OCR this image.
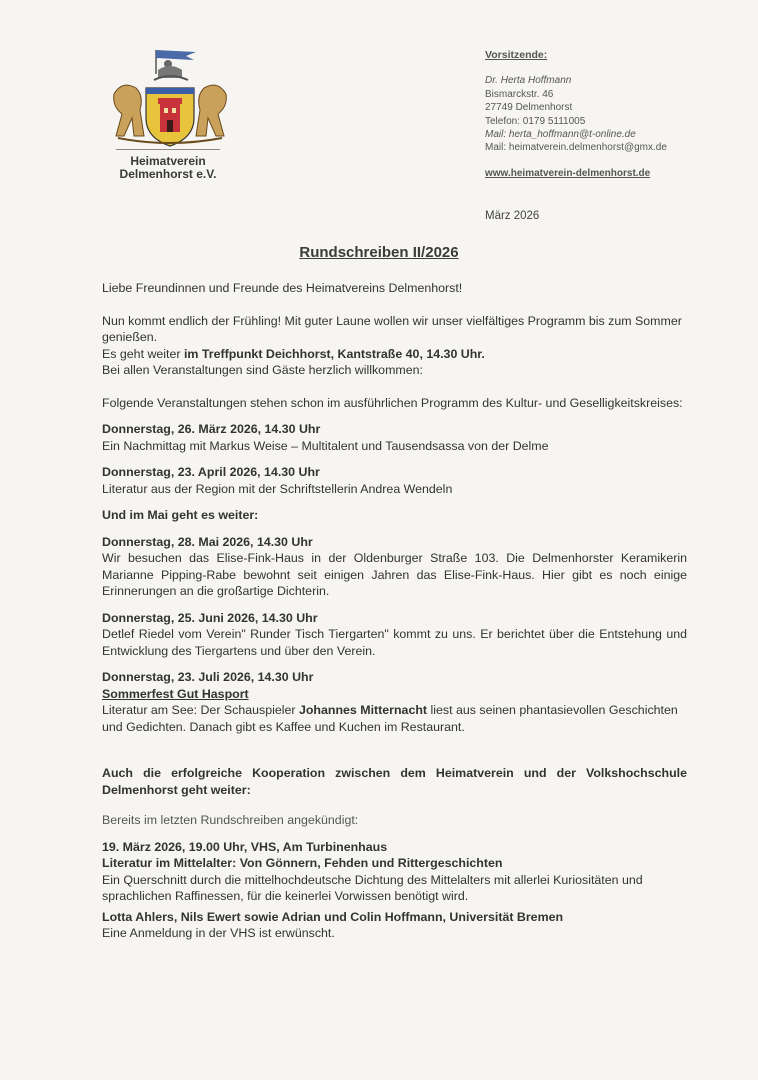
Heimatverein
Delmenhorst e.V.
Vorsitzende:
Dr. Herta Hoffmann
Bismarckstr. 46
27749 Delmenhorst
Telefon: 0179 5111005
Mail: herta_hoffmann@t-online.de
Mail: heimatverein.delmenhorst@gmx.de
www.heimatverein-delmenhorst.de
März 2026
Rundschreiben II/2026

Liebe Freundinnen und Freunde des Heimatvereins Delmenhorst!

Nun kommt endlich der Frühling! Mit guter Laune wollen wir unser vielfältiges Programm bis zum Sommer genießen.

Es geht weiter im Treffpunkt Deichhorst, Kantstraße 40, 14.30 Uhr.

Bei allen Veranstaltungen sind Gäste herzlich willkommen:

Folgende Veranstaltungen stehen schon im ausführlichen Programm des Kultur- und Geselligkeitskreises:

Donnerstag, 26. März 2026, 14.30 Uhr

Ein Nachmittag mit Markus Weise – Multitalent und Tausendsassa von der Delme

Donnerstag, 23. April 2026, 14.30 Uhr

Literatur aus der Region mit der Schriftstellerin Andrea Wendeln

Und im Mai geht es weiter:

Donnerstag, 28. Mai 2026, 14.30 Uhr

Wir besuchen das Elise-Fink-Haus in der Oldenburger Straße 103. Die Delmenhorster Keramikerin Marianne Pipping-Rabe bewohnt seit einigen Jahren das Elise-Fink-Haus. Hier gibt es noch einige Erinnerungen an die großartige Dichterin.

Donnerstag, 25. Juni 2026, 14.30 Uhr

Detlef Riedel vom Verein" Runder Tisch Tiergarten" kommt zu uns. Er berichtet über die Entstehung und Entwicklung des Tiergartens und über den Verein.

Donnerstag, 23. Juli 2026, 14.30 Uhr

Sommerfest Gut Hasport

Literatur am See: Der Schauspieler Johannes Mitternacht liest aus seinen phantasievollen Geschichten und Gedichten. Danach gibt es Kaffee und Kuchen im Restaurant.

Auch die erfolgreiche Kooperation zwischen dem Heimatverein und der Volkshochschule Delmenhorst geht weiter:

Bereits im letzten Rundschreiben angekündigt:

19. März 2026, 19.00 Uhr, VHS, Am Turbinenhaus

Literatur im Mittelalter: Von Gönnern, Fehden und Rittergeschichten

Ein Querschnitt durch die mittelhochdeutsche Dichtung des Mittelalters mit allerlei Kuriositäten und sprachlichen Raffinessen, für die keinerlei Vorwissen benötigt wird.

Lotta Ahlers, Nils Ewert sowie Adrian und Colin Hoffmann, Universität Bremen

Eine Anmeldung in der VHS ist erwünscht.
